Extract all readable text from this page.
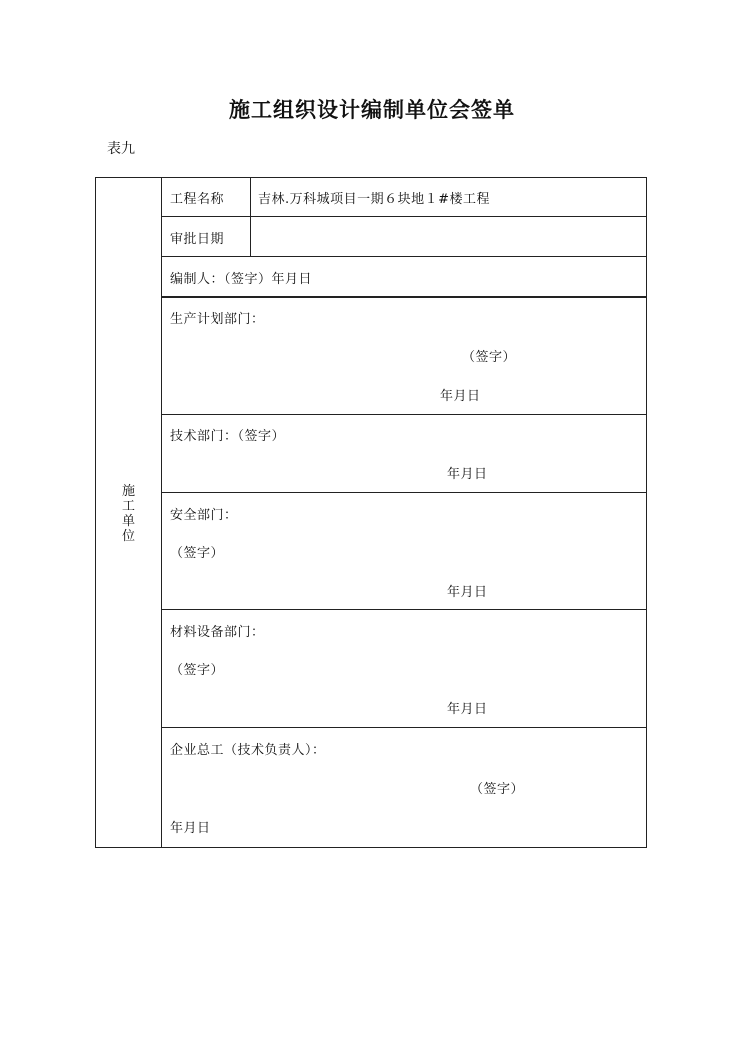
施工组织设计编制单位会签单
表九
施
工
单
位
工程名称	吉林.万科城项目一期６块地１#楼工程
审批日期
编制人：（签字）年月日
生产计划部门：
（签字）
年月日
技术部门：（签字）
年月日
安全部门：
（签字）
年月日
材料设备部门：
（签字）
年月日
企业总工（技术负责人）：
（签字）
年月日
